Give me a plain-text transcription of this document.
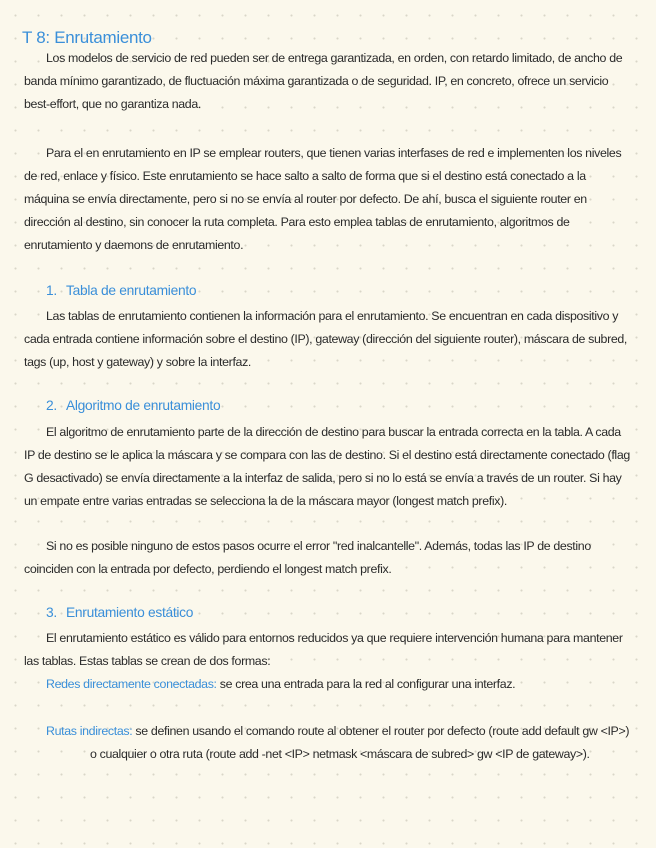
T 8: Enrutamiento

Los modelos de servicio de red pueden ser de entrega garantizada, en orden, con retardo limitado, de ancho de banda mínimo garantizado, de fluctuación máxima garantizada o de seguridad. IP, en concreto, ofrece un servicio best-effort, que no garantiza nada.

Para el en enrutamiento en IP se emplear routers, que tienen varias interfases de red e implementen los niveles de red, enlace y físico. Este enrutamiento se hace salto a salto de forma que si el destino está conectado a la máquina se envía directamente, pero si no se envía al router por defecto. De ahí, busca el siguiente router en dirección al destino, sin conocer la ruta completa. Para esto emplea tablas de enrutamiento, algoritmos de enrutamiento y daemons de enrutamiento.

1. Tabla de enrutamiento

Las tablas de enrutamiento contienen la información para el enrutamiento. Se encuentran en cada dispositivo y cada entrada contiene información sobre el destino (IP), gateway (dirección del siguiente router), máscara de subred, tags (up, host y gateway) y sobre la interfaz.

2. Algoritmo de enrutamiento

El algoritmo de enrutamiento parte de la dirección de destino para buscar la entrada correcta en la tabla. A cada IP de destino se le aplica la máscara y se compara con las de destino. Si el destino está directamente conectado (flag G desactivado) se envía directamente a la interfaz de salida, pero si no lo está se envía a través de un router. Si hay un empate entre varias entradas se selecciona la de la máscara mayor (longest match prefix).

Si no es posible ninguno de estos pasos ocurre el error "red inalcantelle". Además, todas las IP de destino coinciden con la entrada por defecto, perdiendo el longest match prefix.

3. Enrutamiento estático

El enrutamiento estático es válido para entornos reducidos ya que requiere intervención humana para mantener las tablas. Estas tablas se crean de dos formas:

Redes directamente conectadas: se crea una entrada para la red al configurar una interfaz.

Rutas indirectas: se definen usando el comando route al obtener el router por defecto (route add default gw <IP>) o cualquier o otra ruta (route add -net <IP> netmask <máscara de subred> gw <IP de gateway>).
